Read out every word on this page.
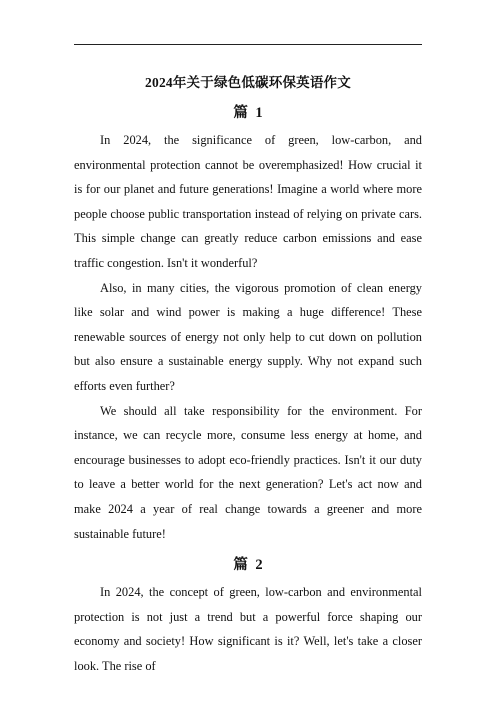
2024年关于绿色低碳环保英语作文
篇 1

In 2024, the significance of green, low-carbon, and environmental protection cannot be overemphasized! How crucial it is for our planet and future generations! Imagine a world where more people choose public transportation instead of relying on private cars. This simple change can greatly reduce carbon emissions and ease traffic congestion. Isn't it wonderful?

Also, in many cities, the vigorous promotion of clean energy like solar and wind power is making a huge difference! These renewable sources of energy not only help to cut down on pollution but also ensure a sustainable energy supply. Why not expand such efforts even further?

We should all take responsibility for the environment. For instance, we can recycle more, consume less energy at home, and encourage businesses to adopt eco-friendly practices. Isn't it our duty to leave a better world for the next generation? Let's act now and make 2024 a year of real change towards a greener and more sustainable future!

篇 2

In 2024, the concept of green, low-carbon and environmental protection is not just a trend but a powerful force shaping our economy and society! How significant is it? Well, let's take a closer look. The rise of
